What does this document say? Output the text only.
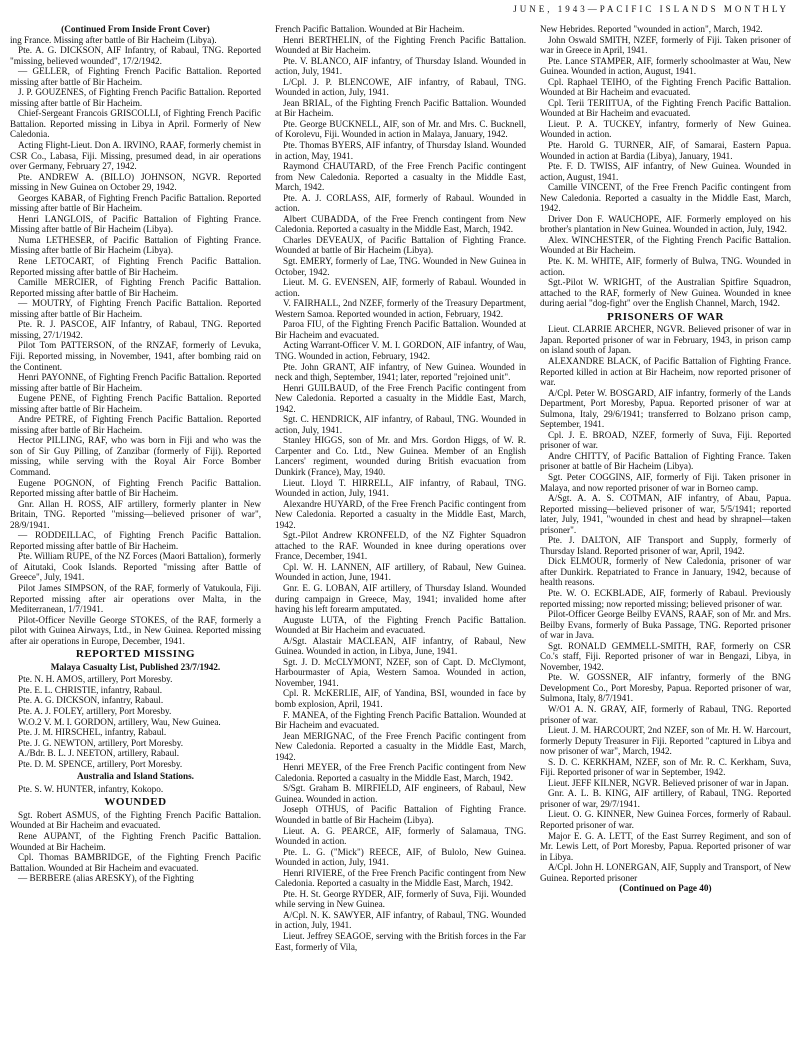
JUNE, 1943—PACIFIC ISLANDS MONTHLY

(Continued From Inside Front Cover)

ing France. Missing after battle of Bir Hacheim (Libya).

Pte. A. G. DICKSON, AIF Infantry, of Rabaul, TNG. Reported "missing, believed wounded", 17/2/1942.

— GELLER, of Fighting French Pacific Battalion. Reported missing after battle of Bir Hacheim.

J. P. GOUZENES, of Fighting French Pacific Battalion. Reported missing after battle of Bir Hacheim.

Chief-Sergeant Francois GRISCOLLI, of Fighting French Pacific Battalion. Reported missing in Libya in April. Formerly of New Caledonia.

Acting Flight-Lieut. Don A. IRVINO, RAAF, formerly chemist in CSR Co., Labasa, Fiji. Missing, presumed dead, in air operations over Germany, February 27, 1942.

Pte. ANDREW A. (BILLO) JOHNSON, NGVR. Reported missing in New Guinea on October 29, 1942.

Georges KABAR, of Fighting French Pacific Battalion. Reported missing after battle of Bir Hacheim.

Henri LANGLOIS, of Pacific Battalion of Fighting France. Missing after battle of Bir Hacheim (Libya).

Numa LETHESER, of Pacific Battalion of Fighting France. Missing after battle of Bir Hacheim (Libya).

Rene LETOCART, of Fighting French Pacific Battalion. Reported missing after battle of Bir Hacheim.

Camille MERCIER, of Fighting French Pacific Battalion. Reported missing after battle of Bir Hacheim.

— MOUTRY, of Fighting French Pacific Battalion. Reported missing after battle of Bir Hacheim.

Pte. R. J. PASCOE, AIF Infantry, of Rabaul, TNG. Reported missing, 27/1/1942.

Pilot Tom PATTERSON, of the RNZAF, formerly of Levuka, Fiji. Reported missing, in November, 1941, after bombing raid on the Continent.

Henri PAYONNE, of Fighting French Pacific Battalion. Reported missing after battle of Bir Hacheim.

Eugene PENE, of Fighting French Pacific Battalion. Reported missing after battle of Bir Hacheim.

Andre PETRE, of Fighting French Pacific Battalion. Reported missing after battle of Bir Hacheim.

Hector PILLING, RAF, who was born in Fiji and who was the son of Sir Guy Pilling, of Zanzibar (formerly of Fiji). Reported missing, while serving with the Royal Air Force Bomber Command.

Eugene POGNON, of Fighting French Pacific Battalion. Reported missing after battle of Bir Hacheim.

Gnr. Allan H. ROSS, AIF artillery, formerly planter in New Britain, TNG. Reported "missing—believed prisoner of war", 28/9/1941.

— RODDEILLAC, of Fighting French Pacific Battalion. Reported missing after battle of Bir Hacheim.

Pte. William RUPE, of the NZ Forces (Maori Battalion), formerly of Aitutaki, Cook Islands. Reported "missing after Battle of Greece", July, 1941.

Pilot James SIMPSON, of the RAF, formerly of Vatukoula, Fiji. Reported missing after air operations over Malta, in the Mediterranean, 1/7/1941.

Pilot-Officer Neville George STOKES, of the RAF, formerly a pilot with Guinea Airways, Ltd., in New Guinea. Reported missing after air operations in Europe, December, 1941.

REPORTED MISSING
Malaya Casualty List, Published 23/7/1942.

Pte. N. H. AMOS, artillery, Port Moresby.

Pte. E. L. CHRISTIE, infantry, Rabaul.

Pte. A. G. DICKSON, infantry, Rabaul.

Pte. A. J. FOLEY, artillery, Port Moresby.

W.O.2 V. M. I. GORDON, artillery, Wau, New Guinea.

Pte. J. M. HIRSCHEL, infantry, Rabaul.

Pte. J. G. NEWTON, artillery, Port Moresby.

A./Bdr. B. L. J. NEETON, artillery, Rabaul.

Pte. D. M. SPENCE, artillery, Port Moresby.

Australia and Island Stations.

Pte. S. W. HUNTER, infantry, Kokopo.

WOUNDED

Sgt. Robert ASMUS, of the Fighting French Pacific Battalion. Wounded at Bir Hacheim and evacuated.

Rene AUPANT, of the Fighting French Pacific Battalion. Wounded at Bir Hacheim.

Cpl. Thomas BAMBRIDGE, of the Fighting French Pacific Battalion. Wounded at Bir Hacheim and evacuated.

— BERBERE (alias ARESKY), of the Fighting

French Pacific Battalion. Wounded at Bir Hacheim.

Henri BERTHELIN, of the Fighting French Pacific Battalion. Wounded at Bir Hacheim.

Pte. V. BLANCO, AIF infantry, of Thursday Island. Wounded in action, July, 1941.

L/Cpl. J. P. BLENCOWE, AIF infantry, of Rabaul, TNG. Wounded in action, July, 1941.

Jean BRIAL, of the Fighting French Pacific Battalion. Wounded at Bir Hacheim.

Pte. George BUCKNELL, AIF, son of Mr. and Mrs. C. Bucknell, of Korolevu, Fiji. Wounded in action in Malaya, January, 1942.

Pte. Thomas BYERS, AIF infantry, of Thursday Island. Wounded in action, May, 1941.

Raymond CHAUTARD, of the Free French Pacific contingent from New Caledonia. Reported a casualty in the Middle East, March, 1942.

Pte. A. J. CORLASS, AIF, formerly of Rabaul. Wounded in action.

Albert CUBADDA, of the Free French contingent from New Caledonia. Reported a casualty in the Middle East, March, 1942.

Charles DEVEAUX, of Pacific Battalion of Fighting France. Wounded at battle of Bir Hacheim (Libya).

Sgt. EMERY, formerly of Lae, TNG. Wounded in New Guinea in October, 1942.

Lieut. M. G. EVENSEN, AIF, formerly of Rabaul. Wounded in action.

V. FAIRHALL, 2nd NZEF, formerly of the Treasury Department, Western Samoa. Reported wounded in action, February, 1942.

Paroa FIU, of the Fighting French Pacific Battalion. Wounded at Bir Hacheim and evacuated.

Acting Warrant-Officer V. M. I. GORDON, AIF infantry, of Wau, TNG. Wounded in action, February, 1942.

Pte. John GRANT, AIF infantry, of New Guinea. Wounded in neck and thigh, September, 1941; later, reported "rejoined unit".

Henri GUILBAUD, of the Free French Pacific contingent from New Caledonia. Reported a casualty in the Middle East, March, 1942.

Sgt. C. HENDRICK, AIF infantry, of Rabaul, TNG. Wounded in action, July, 1941.

Stanley HIGGS, son of Mr. and Mrs. Gordon Higgs, of W. R. Carpenter and Co. Ltd., New Guinea. Member of an English Lancers' regiment, wounded during British evacuation from Dunkirk (France), May, 1940.

Lieut. Lloyd T. HIRRELL, AIF infantry, of Rabaul, TNG. Wounded in action, July, 1941.

Alexandre HUYARD, of the Free French Pacific contingent from New Caledonia. Reported a casualty in the Middle East, March, 1942.

Sgt.-Pilot Andrew KRONFELD, of the NZ Fighter Squadron attached to the RAF. Wounded in knee during operations over France, December, 1941.

Cpl. W. H. LANNEN, AIF artillery, of Rabaul, New Guinea. Wounded in action, June, 1941.

Gnr. E. G. LOBAN, AIF artillery, of Thursday Island. Wounded during campaign in Greece, May, 1941; invalided home after having his left forearm amputated.

Auguste LUTA, of the Fighting French Pacific Battalion. Wounded at Bir Hacheim and evacuated.

A/Sgt. Alastair MACLEAN, AIF infantry, of Rabaul, New Guinea. Wounded in action, in Libya, June, 1941.

Sgt. J. D. McCLYMONT, NZEF, son of Capt. D. McClymont, Harbourmaster of Apia, Western Samoa. Wounded in action, November, 1941.

Cpl. R. McKERLIE, AIF, of Yandina, BSI, wounded in face by bomb explosion, April, 1941.

F. MANEA, of the Fighting French Pacific Battalion. Wounded at Bir Hacheim and evacuated.

Jean MERIGNAC, of the Free French Pacific contingent from New Caledonia. Reported a casualty in the Middle East, March, 1942.

Henri MEYER, of the Free French Pacific contingent from New Caledonia. Reported a casualty in the Middle East, March, 1942.

S/Sgt. Graham B. MIRFIELD, AIF engineers, of Rabaul, New Guinea. Wounded in action.

Joseph OTHUS, of Pacific Battalion of Fighting France. Wounded in battle of Bir Hacheim (Libya).

Lieut. A. G. PEARCE, AIF, formerly of Salamaua, TNG. Wounded in action.

Pte. L. G. ("Mick") REECE, AIF, of Bulolo, New Guinea. Wounded in action, July, 1941.

Henri RIVIERE, of the Free French Pacific contingent from New Caledonia. Reported a casualty in the Middle East, March, 1942.

Pte. H. St. George RYDER, AIF, formerly of Suva, Fiji. Wounded while serving in New Guinea.

A/Cpl. N. K. SAWYER, AIF infantry, of Rabaul, TNG. Wounded in action, July, 1941.

Lieut. Jeffrey SEAGOE, serving with the British forces in the Far East, formerly of Vila,

New Hebrides. Reported "wounded in action", March, 1942.

John Oswald SMITH, NZEF, formerly of Fiji. Taken prisoner of war in Greece in April, 1941.

Pte. Lance STAMPER, AIF, formerly schoolmaster at Wau, New Guinea. Wounded in action, August, 1941.

Cpl. Raphael TEIHO, of the Fighting French Pacific Battalion. Wounded at Bir Hacheim and evacuated.

Cpl. Terii TERIITUA, of the Fighting French Pacific Battalion. Wounded at Bir Hacheim and evacuated.

Lieut. P. A. TUCKEY, infantry, formerly of New Guinea. Wounded in action.

Pte. Harold G. TURNER, AIF, of Samarai, Eastern Papua. Wounded in action at Bardia (Libya), January, 1941.

Pte. F. D. TWISS, AIF infantry, of New Guinea. Wounded in action, August, 1941.

Camille VINCENT, of the Free French Pacific contingent from New Caledonia. Reported a casualty in the Middle East, March, 1942.

Driver Don F. WAUCHOPE, AIF. Formerly employed on his brother's plantation in New Guinea. Wounded in action, July, 1942.

Alex. WINCHESTER, of the Fighting French Pacific Battalion. Wounded at Bir Hacheim.

Pte. K. M. WHITE, AIF, formerly of Bulwa, TNG. Wounded in action.

Sgt.-Pilot W. WRIGHT, of the Australian Spitfire Squadron, attached to the RAF, formerly of New Guinea. Wounded in knee during aerial "dog-fight" over the English Channel, March, 1942.

PRISONERS OF WAR

Lieut. CLARRIE ARCHER, NGVR. Believed prisoner of war in Japan. Reported prisoner of war in February, 1943, in prison camp on island south of Japan.

ALEXANDRE BLACK, of Pacific Battalion of Fighting France. Reported killed in action at Bir Hacheim, now reported prisoner of war.

A/Cpl. Peter W. BOSGARD, AIF infantry, formerly of the Lands Department, Port Moresby, Papua. Reported prisoner of war at Sulmona, Italy, 29/6/1941; transferred to Bolzano prison camp, September, 1941.

Cpl. J. E. BROAD, NZEF, formerly of Suva, Fiji. Reported prisoner of war.

Andre CHITTY, of Pacific Battalion of Fighting France. Taken prisoner at battle of Bir Hacheim (Libya).

Sgt. Peter COGGINS, AIF, formerly of Fiji. Taken prisoner in Malaya, and now reported prisoner of war in Borneo camp.

A/Sgt. A. A. S. COTMAN, AIF infantry, of Abau, Papua. Reported missing—believed prisoner of war, 5/5/1941; reported later, July, 1941, "wounded in chest and head by shrapnel—taken prisoner".

Pte. J. DALTON, AIF Transport and Supply, formerly of Thursday Island. Reported prisoner of war, April, 1942.

Dick ELMOUR, formerly of New Caledonia, prisoner of war after Dunkirk. Repatriated to France in January, 1942, because of health reasons.

Pte. W. O. ECKBLADE, AIF, formerly of Rabaul. Previously reported missing; now reported missing; believed prisoner of war.

Pilot-Officer George Beilby EVANS, RAAF, son of Mr. and Mrs. Beilby Evans, formerly of Buka Passage, TNG. Reported prisoner of war in Java.

Sgt. RONALD GEMMELL-SMITH, RAF, formerly on CSR Co.'s staff, Fiji. Reported prisoner of war in Bengazi, Libya, in November, 1942.

Pte. W. GOSSNER, AIF infantry, formerly of the BNG Development Co., Port Moresby, Papua. Reported prisoner of war, Sulmona, Italy, 8/7/1941.

W/O1 A. N. GRAY, AIF, formerly of Rabaul, TNG. Reported prisoner of war.

Lieut. J. M. HARCOURT, 2nd NZEF, son of Mr. H. W. Harcourt, formerly Deputy Treasurer in Fiji. Reported "captured in Libya and now prisoner of war", March, 1942.

S. D. C. KERKHAM, NZEF, son of Mr. R. C. Kerkham, Suva, Fiji. Reported prisoner of war in September, 1942.

Lieut. JEFF KILNER, NGVR. Believed prisoner of war in Japan.

Gnr. A. L. B. KING, AIF artillery, of Rabaul, TNG. Reported prisoner of war, 29/7/1941.

Lieut. O. G. KINNER, New Guinea Forces, formerly of Rabaul. Reported prisoner of war.

Major E. G. A. LETT, of the East Surrey Regiment, and son of Mr. Lewis Lett, of Port Moresby, Papua. Reported prisoner of war in Libya.

A/Cpl. John H. LONERGAN, AIF, Supply and Transport, of New Guinea. Reported prisoner

(Continued on Page 40)
